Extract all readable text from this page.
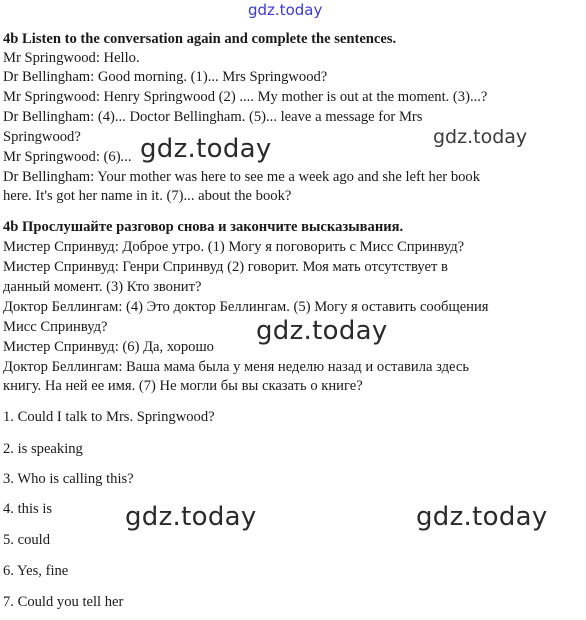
4b Listen to the conversation again and complete the sentences.
Mr Springwood: Hello.
Dr Bellingham: Good morning. (1)... Mrs Springwood?
Mr Springwood: Henry Springwood (2) .... My mother is out at the moment. (3)...?
Dr Bellingham: (4)... Doctor Bellingham. (5)... leave a message for Mrs
Springwood?
Mr Springwood: (6)...
Dr Bellingham: Your mother was here to see me a week ago and she left her book
here. It's got her name in it. (7)... about the book?
4b Прослушайте разговор снова и закончите высказывания.
Мистер Спринвуд: Доброе утро. (1) Могу я поговорить с Мисс Спринвуд?
Мистер Спринвуд: Генри Спринвуд (2) говорит. Моя мать отсутствует в
данный момент. (3) Кто звонит?
Доктор Беллингам: (4) Это доктор Беллингам. (5) Могу я оставить сообщения
Мисс Спринвуд?
Мистер Спринвуд: (6) Да, хорошо
Доктор Беллингам: Ваша мама была у меня неделю назад и оставила здесь
книгу. На ней ее имя. (7) Не могли бы вы сказать о книге?
1. Could I talk to Mrs. Springwood?
2. is speaking
3. Who is calling this?
4. this is
5. could
6. Yes, fine
7. Could you tell her
gdz.today
gdz.today	gdz.today
gdz.today
gdz.today	gdz.today
